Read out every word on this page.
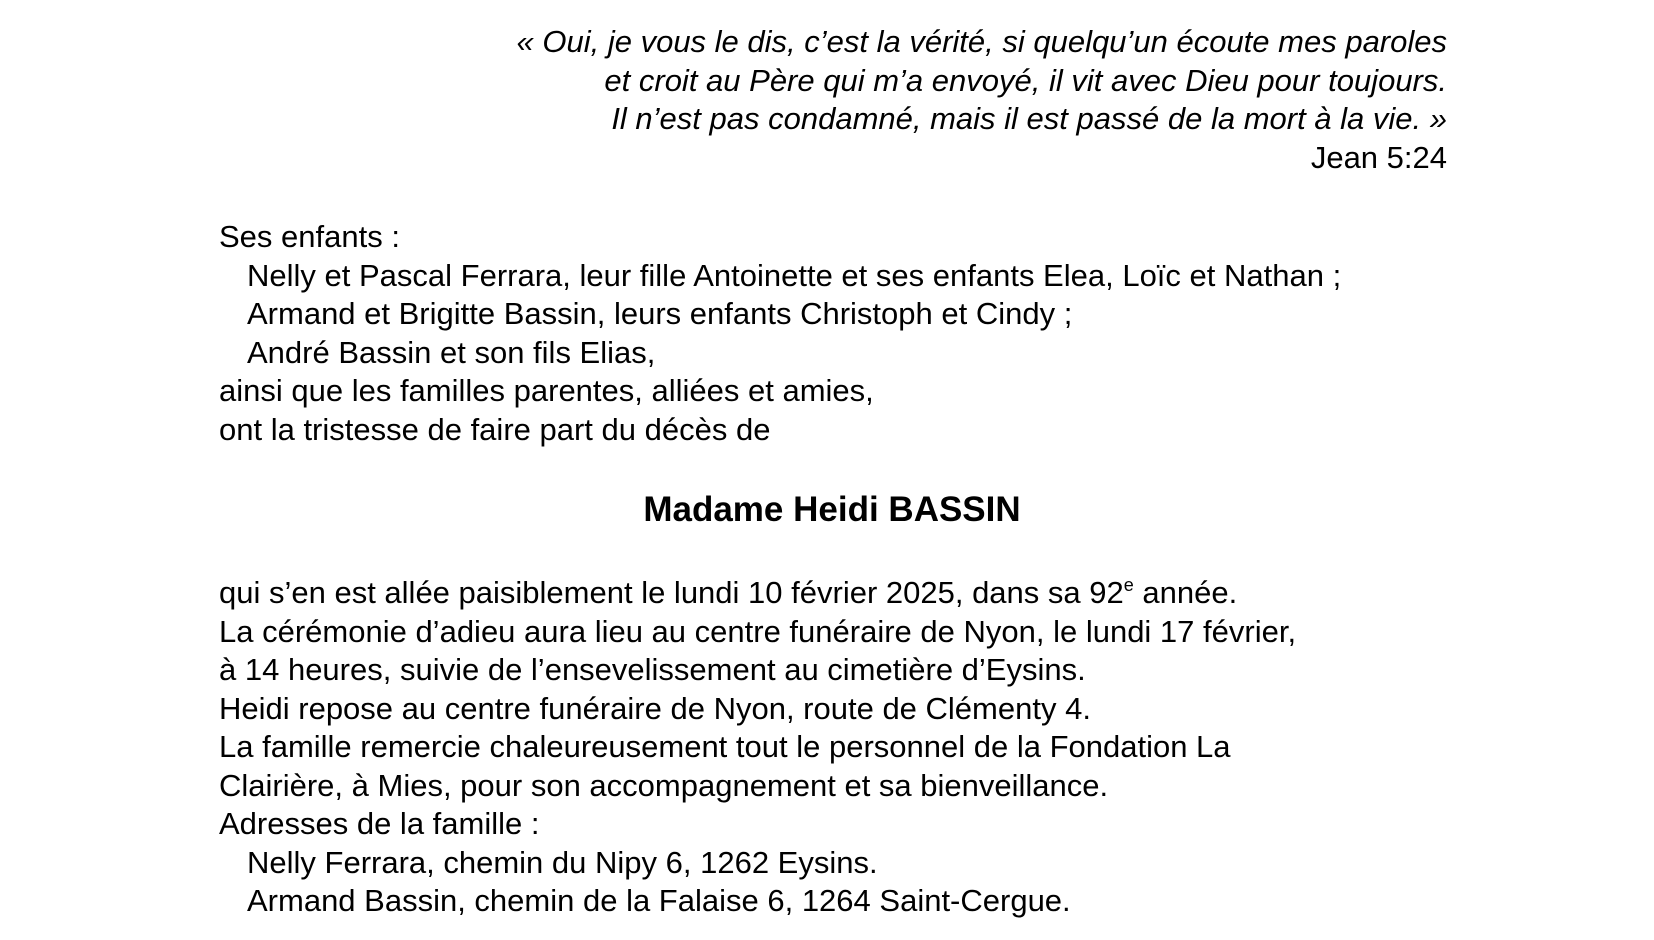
« Oui, je vous le dis, c’est la vérité, si quelqu’un écoute mes paroles
et croit au Père qui m’a envoyé, il vit avec Dieu pour toujours.
Il n’est pas condamné, mais il est passé de la mort à la vie. »
Jean 5:24
Ses enfants :
Nelly et Pascal Ferrara, leur fille Antoinette et ses enfants Elea, Loïc et Nathan ;
Armand et Brigitte Bassin, leurs enfants Christoph et Cindy ;
André Bassin et son fils Elias,
ainsi que les familles parentes, alliées et amies,
ont la tristesse de faire part du décès de
Madame Heidi BASSIN
qui s’en est allée paisiblement le lundi 10 février 2025, dans sa 92e année.
La cérémonie d’adieu aura lieu au centre funéraire de Nyon, le lundi 17 février,
à 14 heures, suivie de l’ensevelissement au cimetière d’Eysins.
Heidi repose au centre funéraire de Nyon, route de Clémenty 4.
La famille remercie chaleureusement tout le personnel de la Fondation La
Clairière, à Mies, pour son accompagnement et sa bienveillance.
Adresses de la famille :
Nelly Ferrara, chemin du Nipy 6, 1262 Eysins.
Armand Bassin, chemin de la Falaise 6, 1264 Saint-Cergue.
